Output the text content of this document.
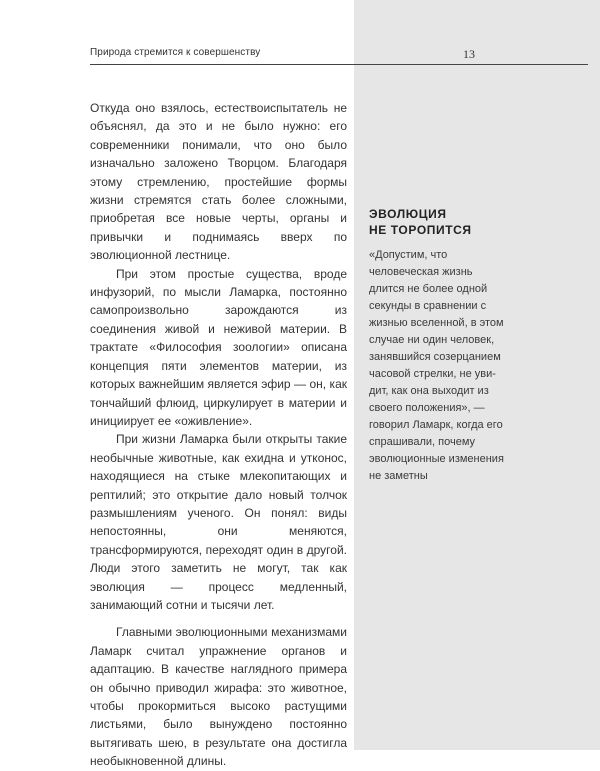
Природа стремится к совершенству	13

Откуда оно взялось, естествоиспытатель не объяснял, да это и не было нужно: его современники понимали, что оно было изначально заложено Творцом. Благодаря этому стремлению, простейшие формы жизни стремятся стать более сложными, приобретая все новые черты, органы и привычки и поднимаясь вверх по эволюционной лестнице.

При этом простые существа, вроде инфузорий, по мысли Ламарка, постоянно самопроизвольно зарождаются из соединения живой и неживой материи. В трактате «Философия зоологии» описана концепция пяти элементов материи, из которых важнейшим является эфир — он, как тончайший флюид, циркулирует в материи и инициирует ее «оживление».

При жизни Ламарка были открыты такие необычные животные, как ехидна и утконос, находящиеся на стыке млекопитающих и рептилий; это открытие дало новый толчок размышлениям ученого. Он понял: виды непостоянны, они меняются, трансформируются, переходят один в другой. Люди этого заметить не могут, так как эволюция — процесс медленный, занимающий сотни и тысячи лет.

Главными эволюционными механизмами Ламарк считал упражнение органов и адаптацию. В качестве наглядного примера он обычно приводил жирафа: это животное, чтобы прокормиться высоко растущими листьями, было вынуждено постоянно вытягивать шею, в результате она достигла необыкновенной длины.

ЭВОЛЮЦИЯ
НЕ ТОРОПИТСЯ
«Допустим, что человеческая жизнь длится не более одной секунды в сравнении с жизнью вселенной, в этом случае ни один человек, занявшийся созерцанием часовой стрелки, не увидит, как она выходит из своего положения», — говорил Ламарк, когда его спрашивали, почему эволюционные изменения не заметны
